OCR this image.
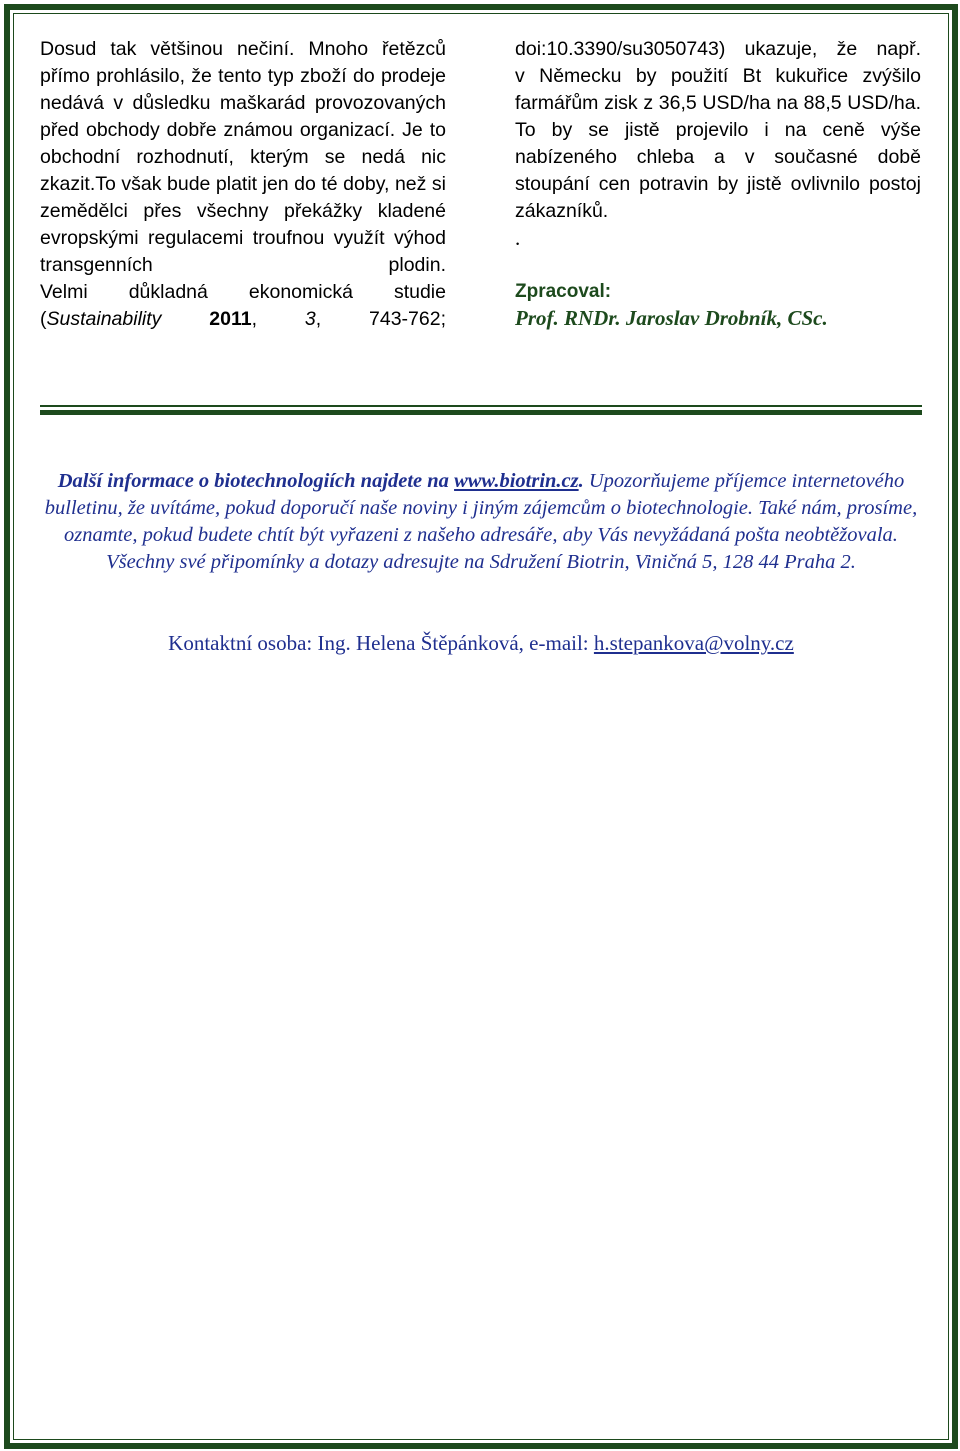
Dosud tak většinou nečiní. Mnoho řetězců přímo prohlásilo, že tento typ zboží do prodeje nedává v důsledku maškarád provozovaných před obchody dobře známou organizací. Je to obchodní rozhodnutí, kterým se nedá nic zkazit.To však bude platit jen do té doby, než si zemědělci přes všechny překážky kladené evropskými regulacemi troufnou využít výhod transgenních plodin.

Velmi důkladná ekonomická studie (Sustainability 2011, 3, 743-762;

doi:10.3390/su3050743) ukazuje, že např.

v Německu by použití Bt kukuřice zvýšilo farmářům zisk z 36,5 USD/ha na 88,5 USD/ha. To by se jistě projevilo i na ceně výše nabízeného chleba a v současné době stoupání cen potravin by jistě ovlivnilo postoj zákazníků.

.

Zpracoval:

Prof. RNDr. Jaroslav Drobník, CSc.

Další informace o biotechnologiích najdete na www.biotrin.cz. Upozorňujeme příjemce internetového bulletinu, že uvítáme, pokud doporučí naše noviny i jiným zájemcům o biotechnologie. Také nám, prosíme, oznamte, pokud budete chtít být vyřazeni z našeho adresáře, aby Vás nevyžádaná pošta neobtěžovala. Všechny své připomínky a dotazy adresujte na Sdružení Biotrin, Viničná 5, 128 44 Praha 2.
Kontaktní osoba: Ing. Helena Štěpánková, e-mail: h.stepankova@volny.cz
